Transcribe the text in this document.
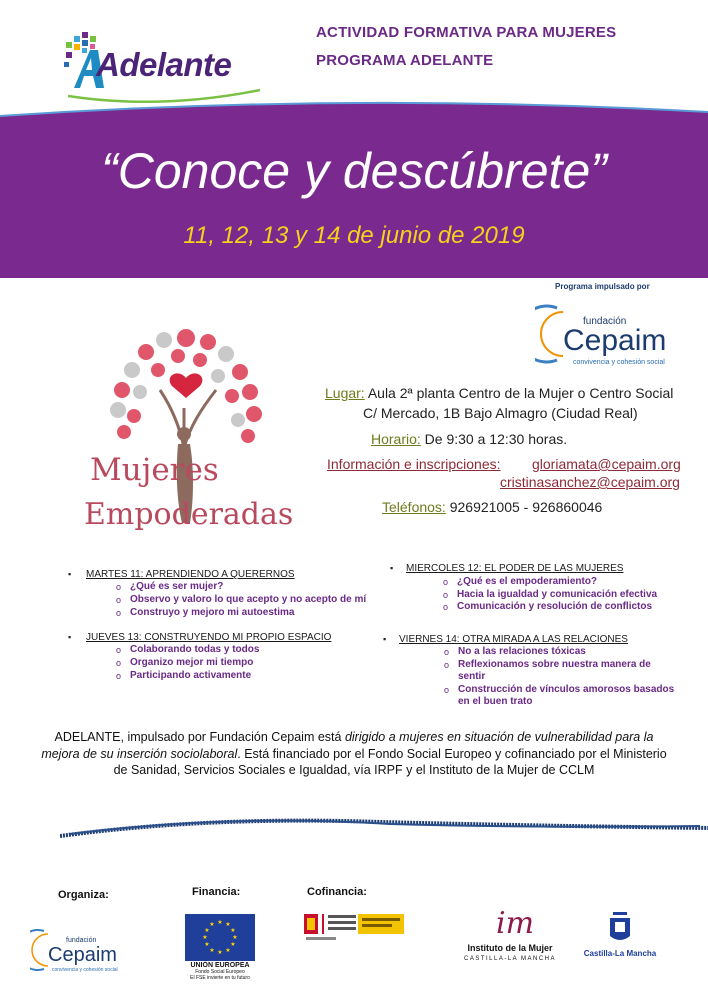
Adelante
ACTIVIDAD FORMATIVA PARA MUJERES
PROGRAMA ADELANTE
“Conoce y descúbrete”
11, 12, 13 y 14 de junio de 2019
Programa impulsado por
fundación
Cepaim
convivencia y cohesión social
Mujeres
Empoderadas
Lugar: Aula 2ª planta Centro de la Mujer o Centro Social
C/ Mercado, 1B Bajo Almagro (Ciudad Real)
Horario: De 9:30 a 12:30 horas.
Información e inscripciones: gloriamata@cepaim.org
cristinasanchez@cepaim.org
Teléfonos: 926921005 - 926860046
▪ MARTES 11: APRENDIENDO A QUERERNOS
o ¿Qué es ser mujer?
o Observo y valoro lo que acepto y no acepto de mí
o Construyo y mejoro mi autoestima
▪ MIERCOLES 12: EL PODER DE LAS MUJERES
o ¿Qué es el empoderamiento?
o Hacia la igualdad y comunicación efectiva
o Comunicación y resolución de conflictos
▪ JUEVES 13: CONSTRUYENDO MI PROPIO ESPACIO
o Colaborando todas y todos
o Organizo mejor mi tiempo
o Participando activamente
▪ VIERNES 14: OTRA MIRADA A LAS RELACIONES
o No a las relaciones tóxicas
o Reflexionamos sobre nuestra manera de
sentir
o Construcción de vínculos amorosos basados
en el buen trato
ADELANTE, impulsado por Fundación Cepaim está dirigido a mujeres en situación de vulnerabilidad para la mejora de su inserción sociolaboral. Está financiado por el Fondo Social Europeo y cofinanciado por el Ministerio de Sanidad, Servicios Sociales e Igualdad, vía IRPF y el Instituto de la Mujer de CCLM
Organiza:	Financia:	Cofinancia:
fundación
Cepaim
convivencia y cohesión social
★ ★
★
★
★
★
★
★
★
★
★
★
UNIÓN EUROPEA
Fondo Social Europeo
El FSE invierte en tu futuro
im
Instituto de la Mujer
CASTILLA-LA MANCHA
Castilla-La Mancha
